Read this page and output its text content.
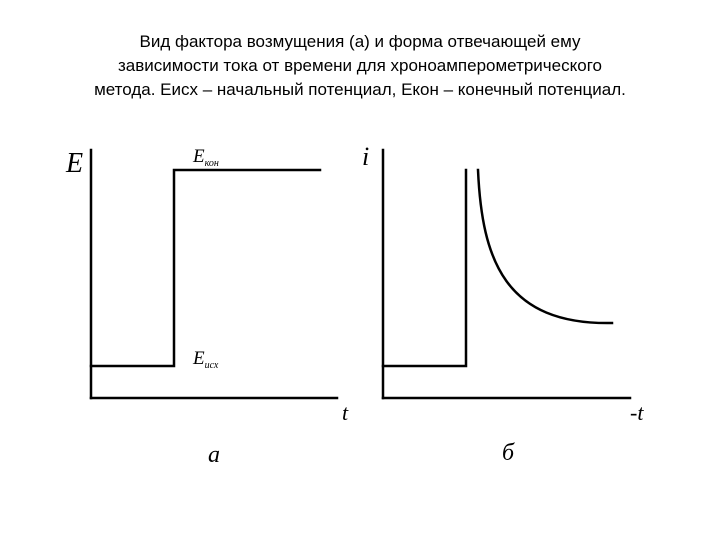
Вид фактора возмущения (а) и форма отвечающей ему
зависимости тока от времени для хроноамперометрического
метода. Еисх – начальный потенциал, Екон – конечный потенциал.
E
t
$E_{кон}$
$E_{исх}$
а
i
-t
б
